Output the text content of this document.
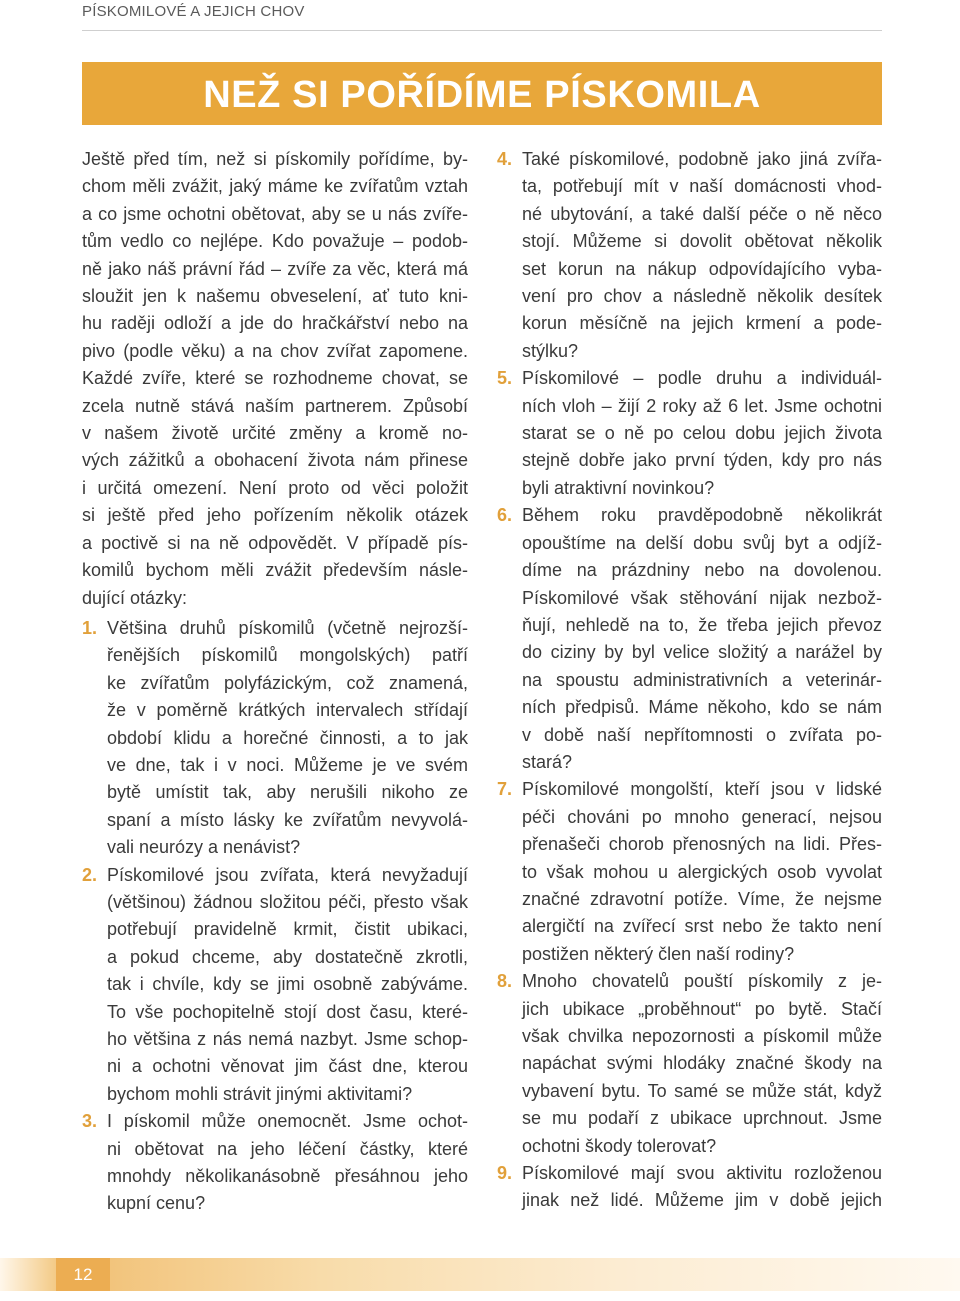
PÍSKOMILOVÉ A JEJICH CHOV
NEŽ SI POŘÍDÍME PÍSKOMILA
Ještě před tím, než si pískomily pořídíme, by-
chom měli zvážit, jaký máme ke zvířatům vztah
a co jsme ochotni obětovat, aby se u nás zvíře-
tům vedlo co nejlépe. Kdo považuje – podob-
ně jako náš právní řád – zvíře za věc, která má
sloužit jen k našemu obveselení, ať tuto kni-
hu raději odloží a jde do hračkářství nebo na
pivo (podle věku) a na chov zvířat zapomene.
Každé zvíře, které se rozhodneme chovat, se
zcela nutně stává naším partnerem. Způsobí
v našem životě určité změny a kromě no-
vých zážitků a obohacení života nám přinese
i určitá omezení. Není proto od věci položit
si ještě před jeho pořízením několik otázek
a poctivě si na ně odpovědět. V případě pís-
komilů bychom měli zvážit především násle-
dující otázky:
1. Většina druhů pískomilů (včetně nejrozší-
řenějších pískomilů mongolských) patří
ke zvířatům polyfázickým, což znamená,
že v poměrně krátkých intervalech střídají
období klidu a horečné činnosti, a to jak
ve dne, tak i v noci. Můžeme je ve svém
bytě umístit tak, aby nerušili nikoho ze
spaní a místo lásky ke zvířatům nevyvolá-
vali neurózy a nenávist?
2. Pískomilové jsou zvířata, která nevyžadují
(většinou) žádnou složitou péči, přesto však
potřebují pravidelně krmit, čistit ubikaci,
a pokud chceme, aby dostatečně zkrotli,
tak i chvíle, kdy se jimi osobně zabýváme.
To vše pochopitelně stojí dost času, které-
ho většina z nás nemá nazbyt. Jsme schop-
ni a ochotni věnovat jim část dne, kterou
bychom mohli strávit jinými aktivitami?
3. I pískomil může onemocnět. Jsme ochot-
ni obětovat na jeho léčení částky, které
mnohdy několikanásobně přesáhnou jeho
kupní cenu?
4. Také pískomilové, podobně jako jiná zvířa-
ta, potřebují mít v naší domácnosti vhod-
né ubytování, a také další péče o ně něco
stojí. Můžeme si dovolit obětovat několik
set korun na nákup odpovídajícího vyba-
vení pro chov a následně několik desítek
korun měsíčně na jejich krmení a pode-
stýlku?
5. Pískomilové – podle druhu a individuál-
ních vloh – žijí 2 roky až 6 let. Jsme ochotni
starat se o ně po celou dobu jejich života
stejně dobře jako první týden, kdy pro nás
byli atraktivní novinkou?
6. Během roku pravděpodobně několikrát
opouštíme na delší dobu svůj byt a odjíž-
díme na prázdniny nebo na dovolenou.
Pískomilové však stěhování nijak nezbož-
ňují, nehledě na to, že třeba jejich převoz
do ciziny by byl velice složitý a narážel by
na spoustu administrativních a veterinár-
ních předpisů. Máme někoho, kdo se nám
v době naší nepřítomnosti o zvířata po-
stará?
7. Pískomilové mongolští, kteří jsou v lidské
péči chováni po mnoho generací, nejsou
přenašeči chorob přenosných na lidi. Přes-
to však mohou u alergických osob vyvolat
značné zdravotní potíže. Víme, že nejsme
alergičtí na zvířecí srst nebo že takto není
postižen některý člen naší rodiny?
8. Mnoho chovatelů pouští pískomily z je-
jich ubikace „proběhnout“ po bytě. Stačí
však chvilka nepozornosti a pískomil může
napáchat svými hlodáky značné škody na
vybavení bytu. To samé se může stát, když
se mu podaří z ubikace uprchnout. Jsme
ochotni škody tolerovat?
9. Pískomilové mají svou aktivitu rozloženou
jinak než lidé. Můžeme jim v době jejich
12
